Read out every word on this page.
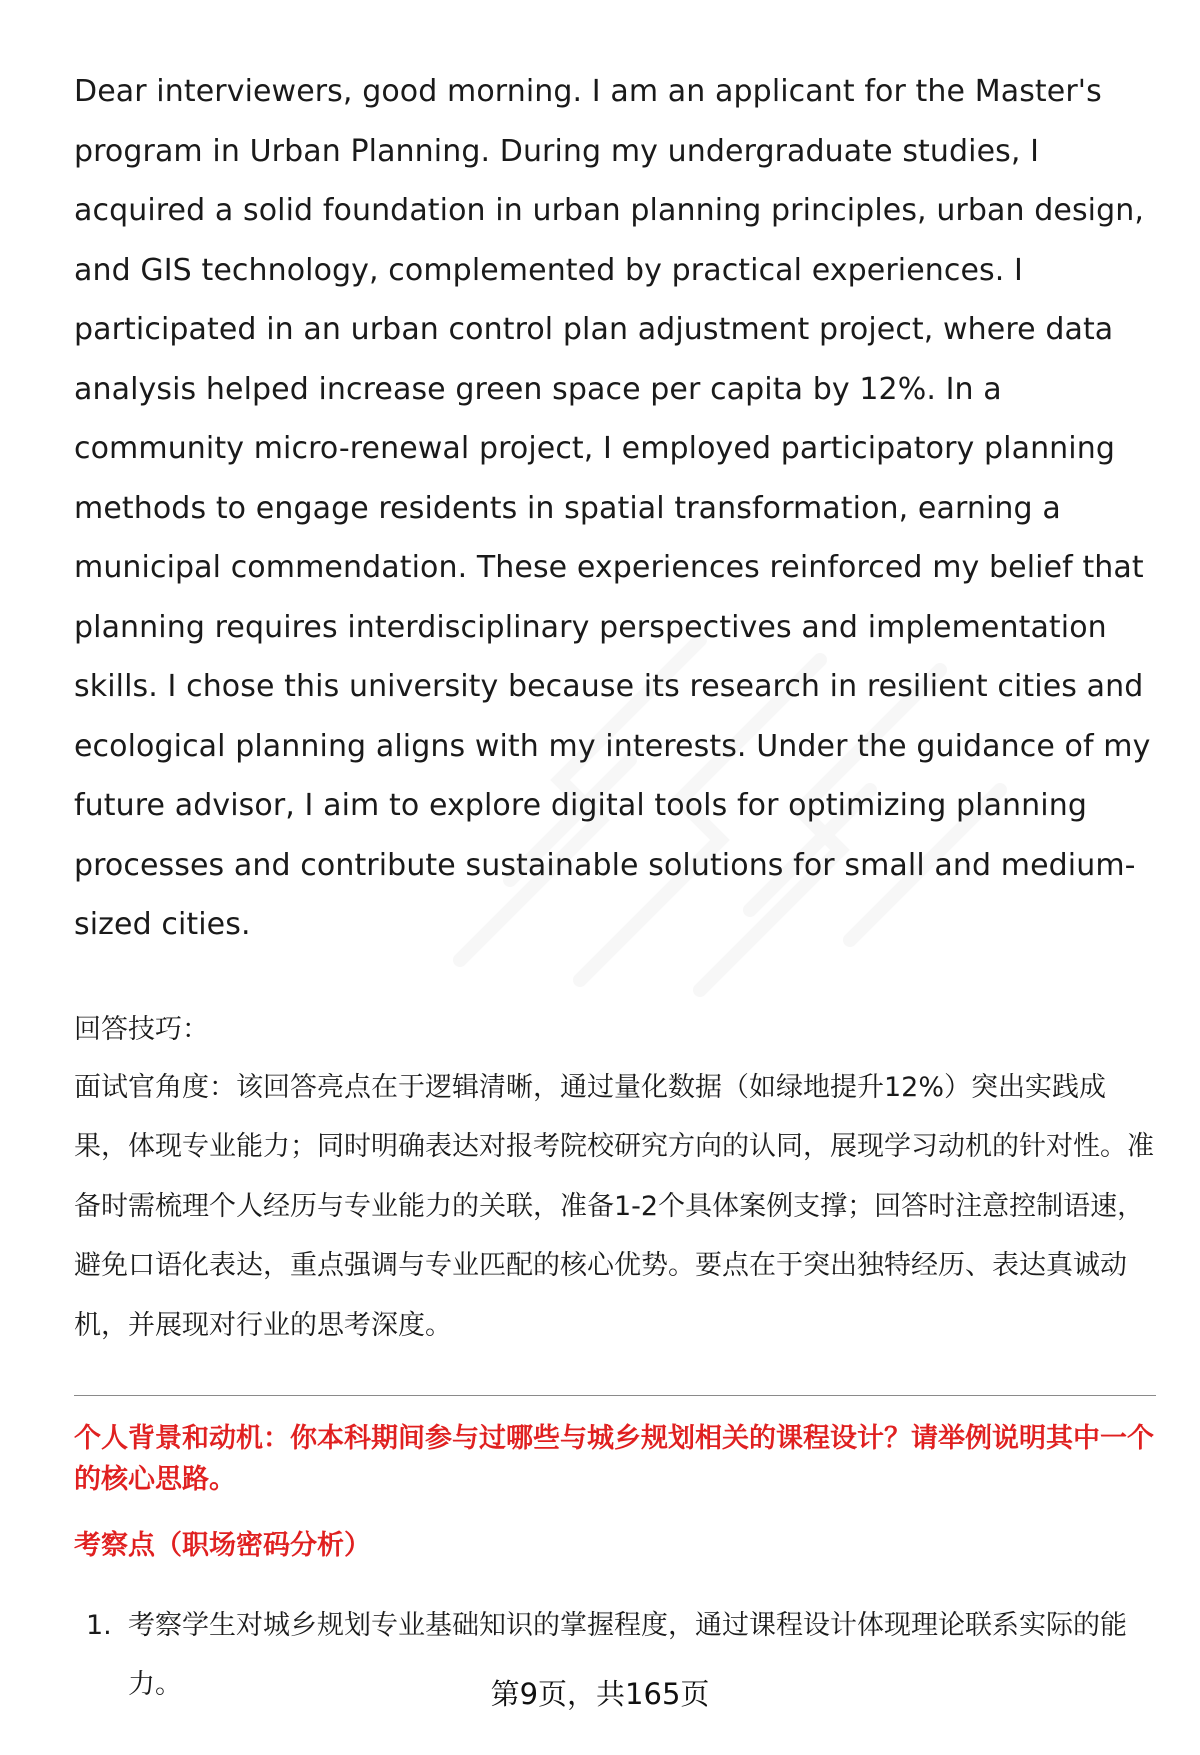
Dear interviewers, good morning. I am an applicant for the Master's program in Urban Planning. During my undergraduate studies, I acquired a solid foundation in urban planning principles, urban design, and GIS technology, complemented by practical experiences. I participated in an urban control plan adjustment project, where data analysis helped increase green space per capita by 12%. In a community micro-renewal project, I employed participatory planning methods to engage residents in spatial transformation, earning a municipal commendation. These experiences reinforced my belief that planning requires interdisciplinary perspectives and implementation skills. I chose this university because its research in resilient cities and ecological planning aligns with my interests. Under the guidance of my future advisor, I aim to explore digital tools for optimizing planning processes and contribute sustainable solutions for small and medium-sized cities.

回答技巧：

面试官角度：该回答亮点在于逻辑清晰，通过量化数据（如绿地提升12%）突出实践成果，体现专业能力；同时明确表达对报考院校研究方向的认同，展现学习动机的针对性。准备时需梳理个人经历与专业能力的关联，准备1-2个具体案例支撑；回答时注意控制语速，避免口语化表达，重点强调与专业匹配的核心优势。要点在于突出独特经历、表达真诚动机，并展现对行业的思考深度。

个人背景和动机：你本科期间参与过哪些与城乡规划相关的课程设计？请举例说明其中一个的核心思路。
考察点（职场密码分析）
1. 考察学生对城乡规划专业基础知识的掌握程度，通过课程设计体现理论联系实际的能力。	第9页，共165页
